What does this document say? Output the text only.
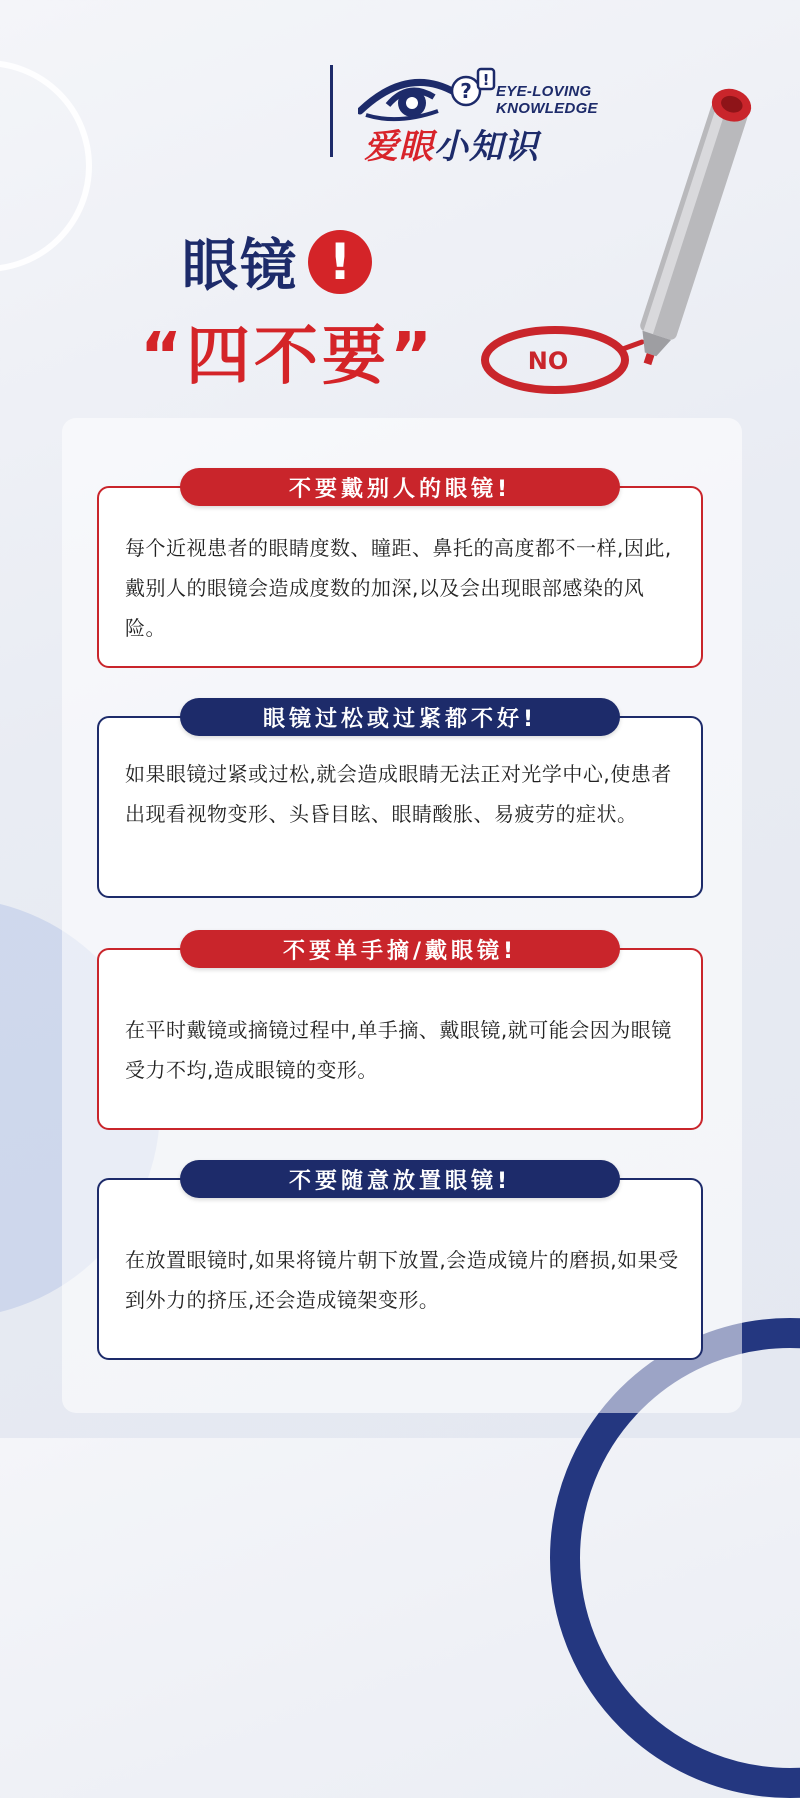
? !
EYE-LOVING
KNOWLEDGE
爱眼小知识
眼镜 !
“四不要”	NO
每个近视患者的眼睛度数、瞳距、鼻托的高度都不一样,因此,戴别人的眼镜会造成度数的加深,以及会出现眼部感染的风险。
不要戴别人的眼镜!
如果眼镜过紧或过松,就会造成眼睛无法正对光学中心,使患者出现看视物变形、头昏目眩、眼睛酸胀、易疲劳的症状。
眼镜过松或过紧都不好!
在平时戴镜或摘镜过程中,单手摘、戴眼镜,就可能会因为眼镜受力不均,造成眼镜的变形。
不要单手摘/戴眼镜!
在放置眼镜时,如果将镜片朝下放置,会造成镜片的磨损,如果受到外力的挤压,还会造成镜架变形。
不要随意放置眼镜!
